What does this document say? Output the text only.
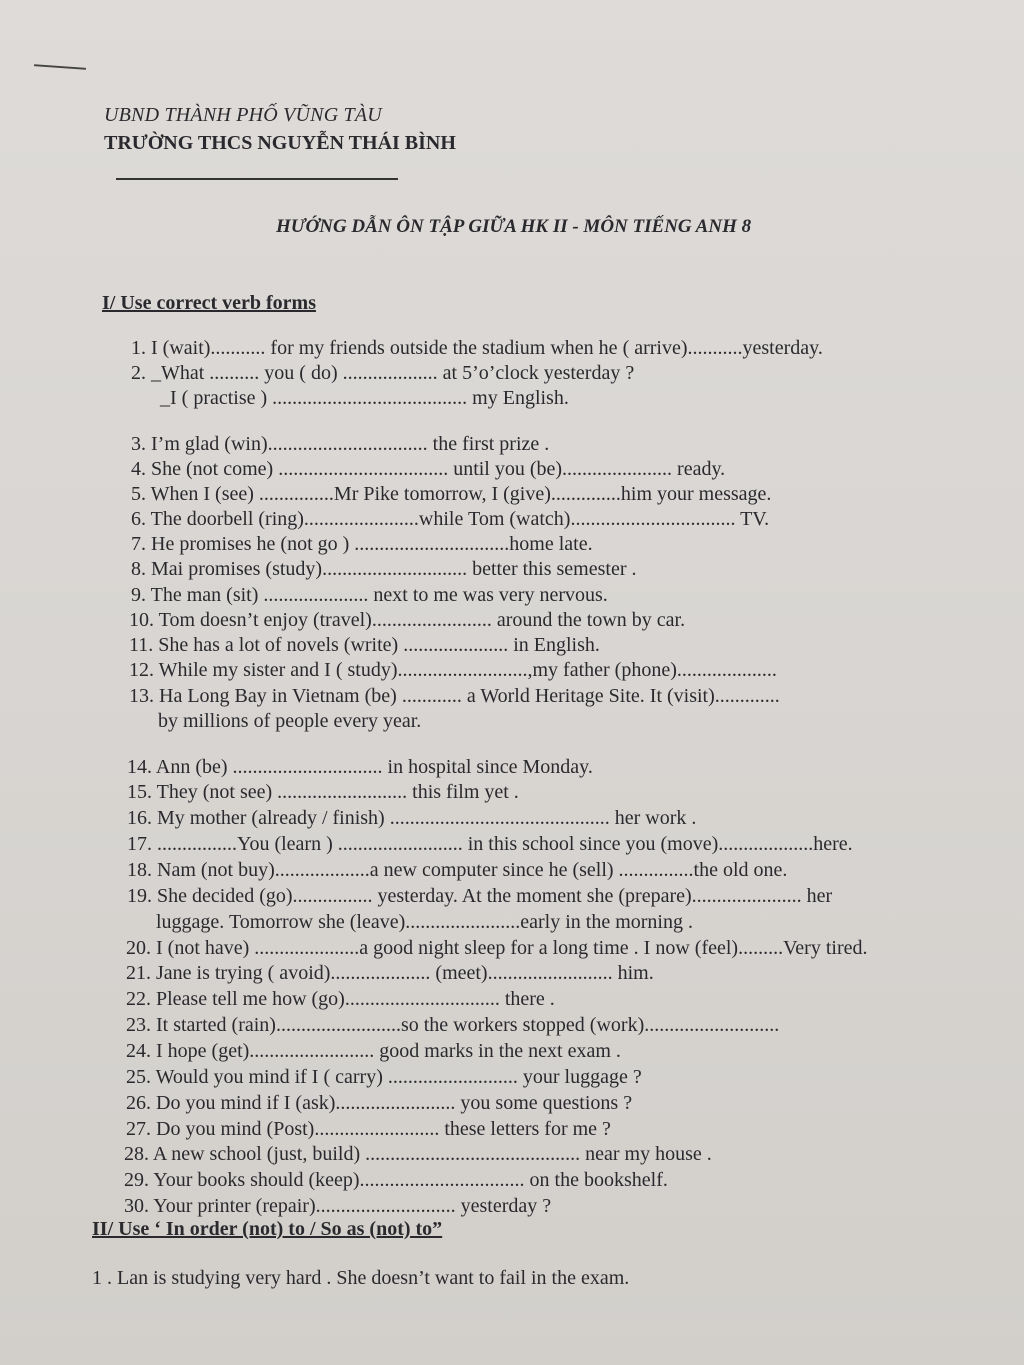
UBND THÀNH PHỐ VŨNG TÀU
TRƯỜNG THCS NGUYỄN THÁI BÌNH
HƯỚNG DẪN ÔN TẬP GIỮA HK II - MÔN TIẾNG ANH 8
I/ Use correct verb forms
1. I (wait)........... for my friends outside the stadium when he ( arrive)...........yesterday.
2. _What .......... you ( do) ................... at 5’o’clock yesterday ?
_I ( practise ) ....................................... my English.
3. I’m glad (win)................................ the first prize .
4. She (not come) .................................. until you (be)...................... ready.
5. When I (see) ...............Mr Pike tomorrow, I (give)..............him your message.
6. The doorbell (ring).......................while Tom (watch)................................. TV.
7. He promises he (not go ) ...............................home late.
8. Mai promises (study)............................. better this semester .
9. The man (sit) ..................... next to me was very nervous.
10. Tom doesn’t enjoy (travel)........................ around the town by car.
11. She has a lot of novels (write) ..................... in English.
12. While my sister and I ( study)..........................,my father (phone)....................
13. Ha Long Bay in Vietnam (be) ............ a World Heritage Site. It (visit).............
by millions of people every year.
14. Ann (be) .............................. in hospital since Monday.
15. They (not see) .......................... this film yet .
16. My mother (already / finish) ............................................ her work .
17. ................You (learn ) ......................... in this school since you (move)...................here.
18. Nam (not buy)...................a new computer since he (sell) ...............the old one.
19. She decided (go)................ yesterday. At the moment she (prepare)...................... her
luggage. Tomorrow she (leave).......................early in the morning .
20. I (not have) .....................a good night sleep for a long time . I now (feel).........Very tired.
21. Jane is trying ( avoid).................... (meet)......................... him.
22. Please tell me how (go)............................... there .
23. It started (rain).........................so the workers stopped (work)...........................
24. I hope (get)......................... good marks in the next exam .
25. Would you mind if I ( carry) .......................... your luggage ?
26. Do you mind if I (ask)........................ you some questions ?
27. Do you mind (Post)......................... these letters for me ?
28. A new school (just, build) ........................................... near my house .
29. Your books should (keep)................................. on the bookshelf.
30. Your printer (repair)............................ yesterday ?
II/ Use ‘ In order (not) to / So as (not) to”
1 . Lan is studying very hard . She doesn’t want to fail in the exam.
